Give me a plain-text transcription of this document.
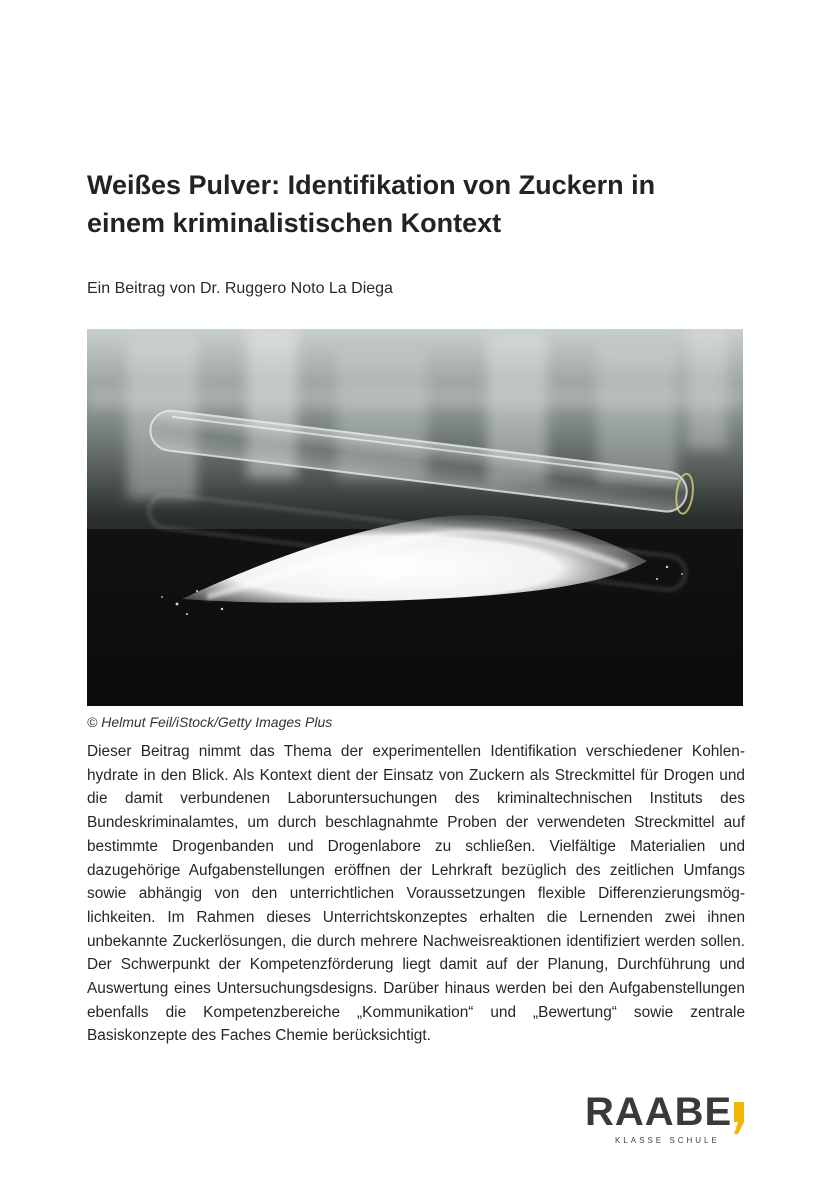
Weißes Pulver: Identifikation von Zuckern in
einem kriminalistischen Kontext

Ein Beitrag von Dr. Ruggero Noto La Diega

© Helmut Feil/iStock/Getty Images Plus

Dieser Beitrag nimmt das Thema der experimentellen Identifikation verschiedener Kohlenhydrate in den Blick. Als Kontext dient der Einsatz von Zuckern als Streckmittel für Drogen und die damit verbundenen Laboruntersuchungen des kriminaltechnischen Instituts des Bundeskriminalamtes, um durch beschlagnahmte Proben der verwendeten Streckmittel auf bestimmte Drogenbanden und Drogenlabore zu schließen. Vielfältige Materialien und dazugehörige Aufgabenstellungen eröffnen der Lehrkraft bezüglich des zeitlichen Umfangs sowie abhängig von den unterrichtlichen Voraussetzungen flexible Differenzierungsmöglichkeiten. Im Rahmen dieses Unterrichtskonzeptes erhalten die Lernenden zwei ihnen unbekannte Zuckerlösungen, die durch mehrere Nachweisreaktionen identifiziert werden sollen. Der Schwerpunkt der Kompetenzförderung liegt damit auf der Planung, Durchführung und Auswertung eines Untersuchungsdesigns. Darüber hinaus werden bei den Aufgabenstellungen ebenfalls die Kompetenzbereiche „Kommunikation“ und „Bewertung“ sowie zentrale Basiskonzepte des Faches Chemie berücksichtigt.

RAABE
KLASSE SCHULE
